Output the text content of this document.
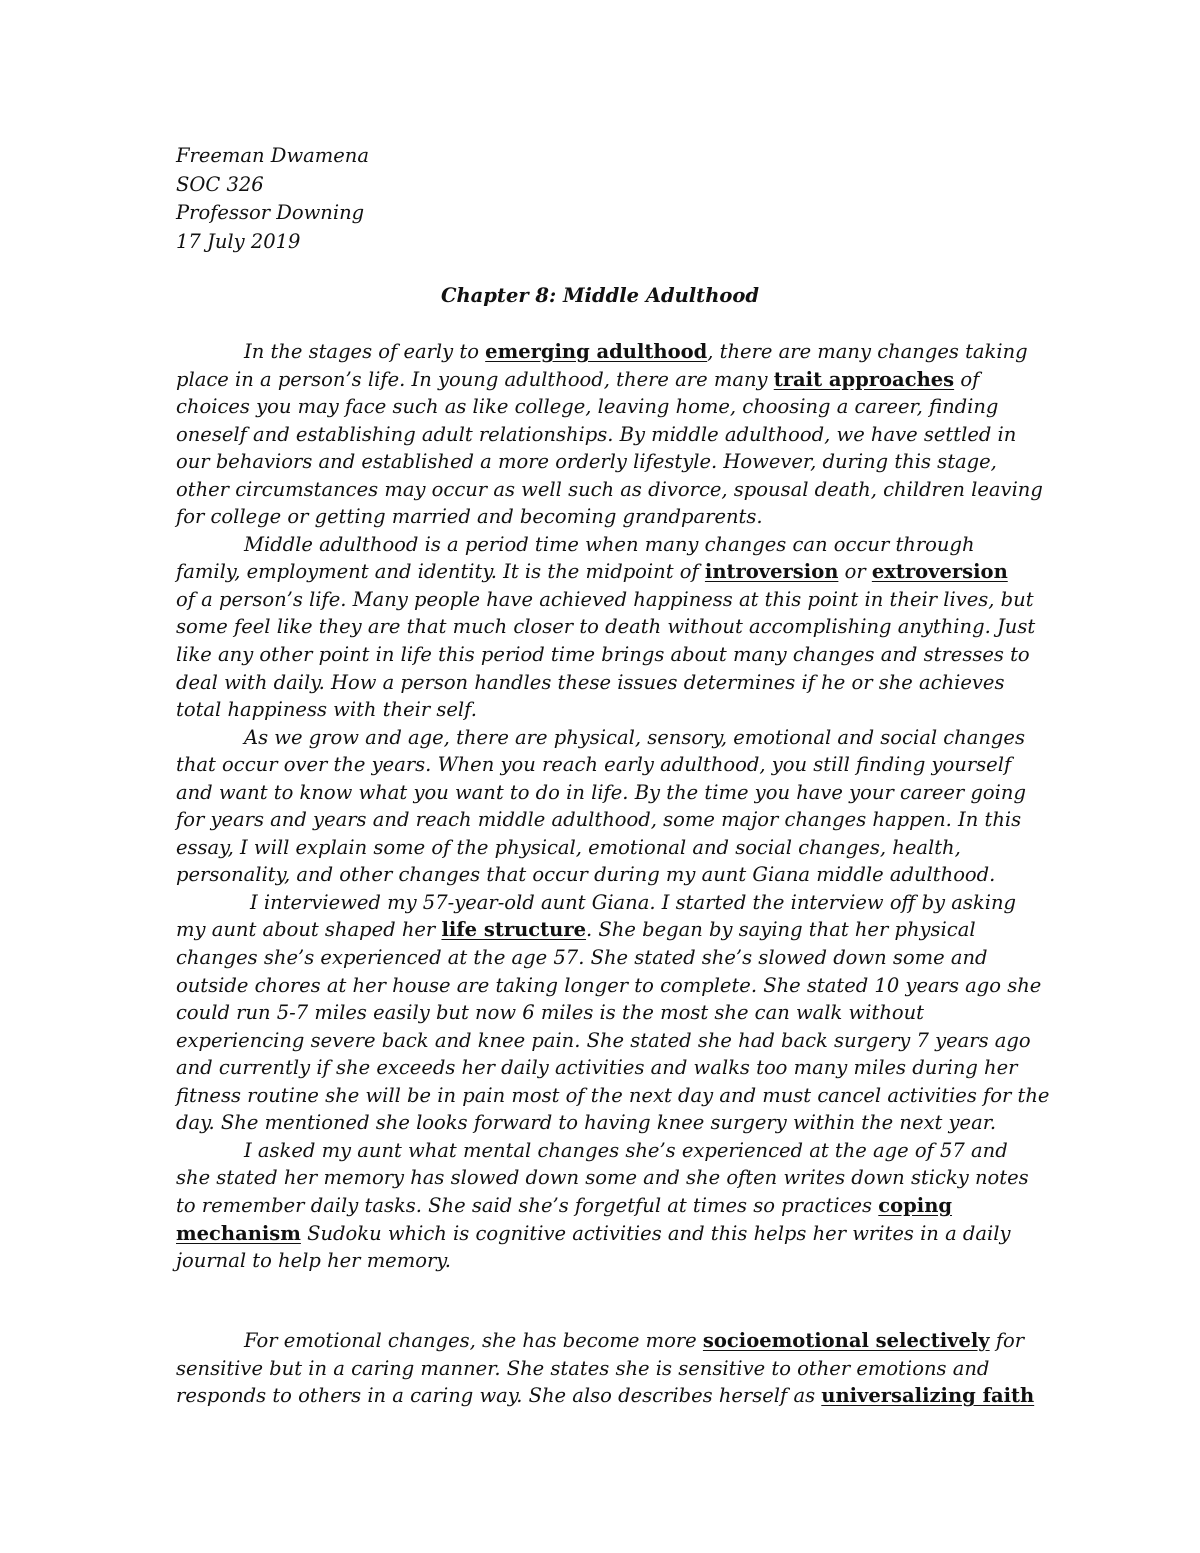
Freeman Dwamena
SOC 326
Professor Downing
17 July 2019
Chapter 8: Middle Adulthood
In the stages of early to emerging adulthood, there are many changes taking
place in a person’s life. In young adulthood, there are many trait approaches of
choices you may face such as like college, leaving home, choosing a career, finding
oneself and establishing adult relationships. By middle adulthood, we have settled in
our behaviors and established a more orderly lifestyle. However, during this stage,
other circumstances may occur as well such as divorce, spousal death, children leaving
for college or getting married and becoming grandparents.
Middle adulthood is a period time when many changes can occur through
family, employment and identity. It is the midpoint of introversion or extroversion
of a person’s life. Many people have achieved happiness at this point in their lives, but
some feel like they are that much closer to death without accomplishing anything. Just
like any other point in life this period time brings about many changes and stresses to
deal with daily. How a person handles these issues determines if he or she achieves
total happiness with their self.
As we grow and age, there are physical, sensory, emotional and social changes
that occur over the years. When you reach early adulthood, you still finding yourself
and want to know what you want to do in life. By the time you have your career going
for years and years and reach middle adulthood, some major changes happen. In this
essay, I will explain some of the physical, emotional and social changes, health,
personality, and other changes that occur during my aunt Giana middle adulthood.
I interviewed my 57-year-old aunt Giana. I started the interview off by asking
my aunt about shaped her life structure. She began by saying that her physical
changes she’s experienced at the age 57. She stated she’s slowed down some and
outside chores at her house are taking longer to complete. She stated 10 years ago she
could run 5-7 miles easily but now 6 miles is the most she can walk without
experiencing severe back and knee pain. She stated she had back surgery 7 years ago
and currently if she exceeds her daily activities and walks too many miles during her
fitness routine she will be in pain most of the next day and must cancel activities for the
day. She mentioned she looks forward to having knee surgery within the next year.
I asked my aunt what mental changes she’s experienced at the age of 57 and
she stated her memory has slowed down some and she often writes down sticky notes
to remember daily tasks. She said she’s forgetful at times so practices coping
mechanism Sudoku which is cognitive activities and this helps her writes in a daily
journal to help her memory.
For emotional changes, she has become more socioemotional selectively for
sensitive but in a caring manner. She states she is sensitive to other emotions and
responds to others in a caring way. She also describes herself as universalizing faith
